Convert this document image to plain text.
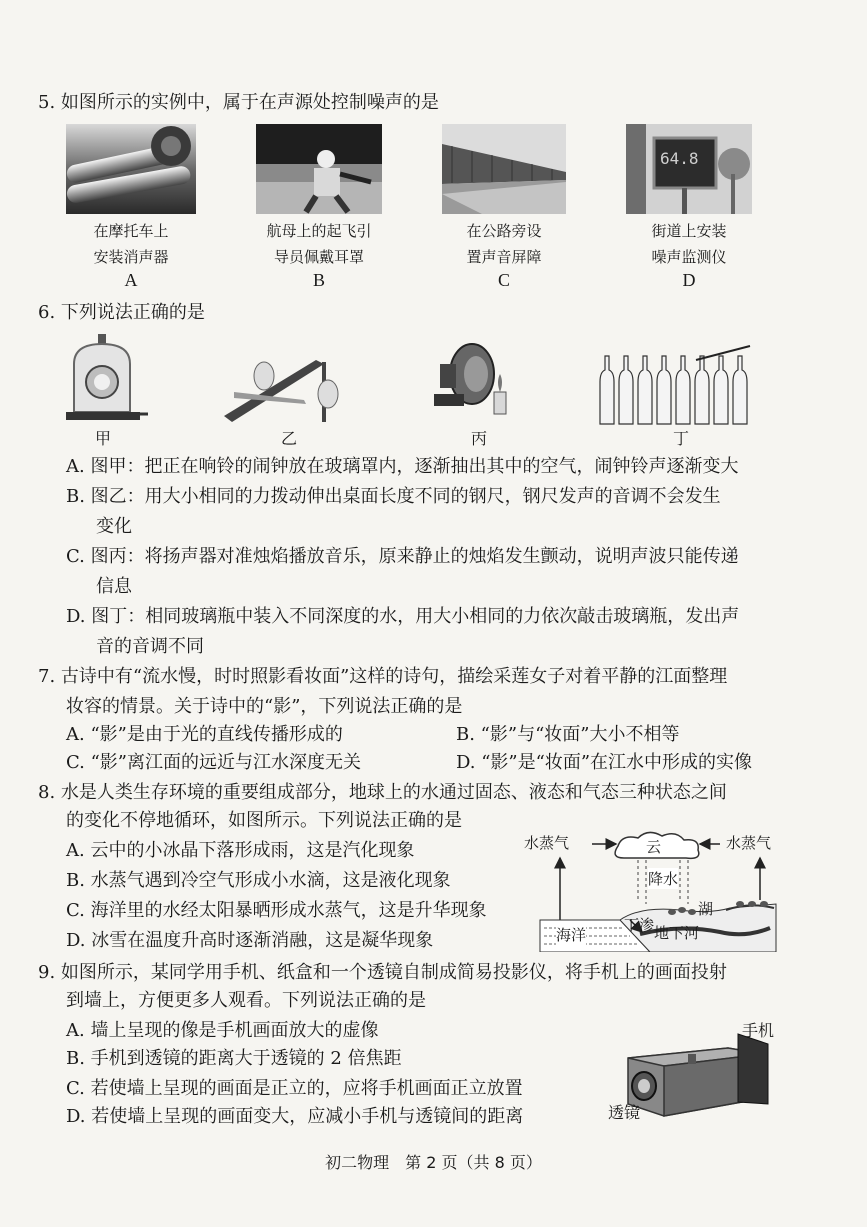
5. 如图所示的实例中，属于在声源处控制噪声的是
64.8
在摩托车上
安装消声器
A
航母上的起飞引
导员佩戴耳罩
B
在公路旁设
置声音屏障
C
街道上安装
噪声监测仪
D
6. 下列说法正确的是
甲	乙	丙	丁
A. 图甲：把正在响铃的闹钟放在玻璃罩内，逐渐抽出其中的空气，闹钟铃声逐渐变大
B. 图乙：用大小相同的力拨动伸出桌面长度不同的钢尺，钢尺发声的音调不会发生
变化
C. 图丙：将扬声器对准烛焰播放音乐，原来静止的烛焰发生颤动，说明声波只能传递
信息
D. 图丁：相同玻璃瓶中装入不同深度的水，用大小相同的力依次敲击玻璃瓶，发出声
音的音调不同
7. 古诗中有“流水慢，时时照影看妆面”这样的诗句，描绘采莲女子对着平静的江面整理
妆容的情景。关于诗中的“影”，下列说法正确的是
A. “影”是由于光的直线传播形成的	B. “影”与“妆面”大小不相等
C. “影”离江面的远近与江水深度无关	D. “影”是“妆面”在江水中形成的实像
8. 水是人类生存环境的重要组成部分，地球上的水通过固态、液态和气态三种状态之间
的变化不停地循环，如图所示。下列说法正确的是
A. 云中的小冰晶下落形成雨，这是汽化现象
B. 水蒸气遇到冷空气形成小水滴，这是液化现象
C. 海洋里的水经太阳暴晒形成水蒸气，这是升华现象
D. 冰雪在温度升高时逐渐消融，这是凝华现象
水蒸气	云	水蒸气
降水
湖
海洋
下渗 地下河
9. 如图所示，某同学用手机、纸盒和一个透镜自制成简易投影仪，将手机上的画面投射
到墙上，方便更多人观看。下列说法正确的是
A. 墙上呈现的像是手机画面放大的虚像
B. 手机到透镜的距离大于透镜的 2 倍焦距
C. 若使墙上呈现的画面是正立的，应将手机画面正立放置
D. 若使墙上呈现的画面变大，应减小手机与透镜间的距离
手机
透镜
初二物理　第 2 页（共 8 页）
